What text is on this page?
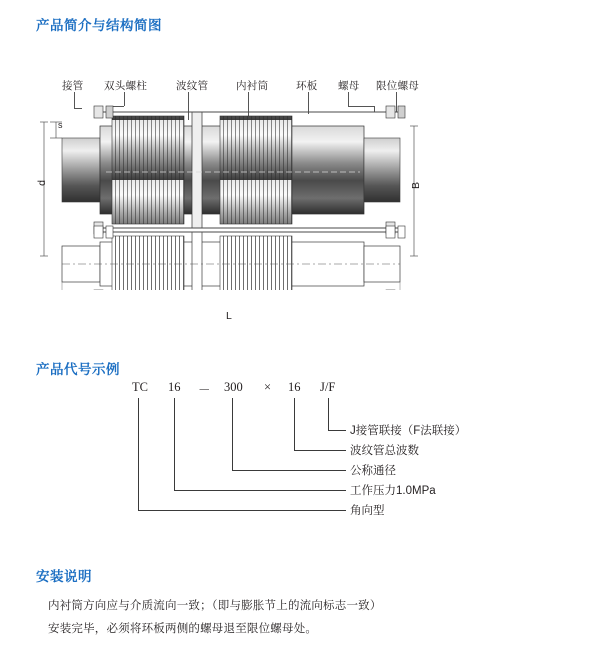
产品简介与结构简图
接管 双头螺柱	波纹管	内衬筒	环板 螺母 限位螺母
s
d	B
L
产品代号示例
TC 16 － 300 × 16 J/F
J接管联接（F法联接）
波纹管总波数
公称通径
工作压力1.0MPa
角向型
安装说明

内衬筒方向应与介质流向一致；（即与膨胀节上的流向标志一致）

安装完毕，必须将环板两侧的螺母退至限位螺母处。
